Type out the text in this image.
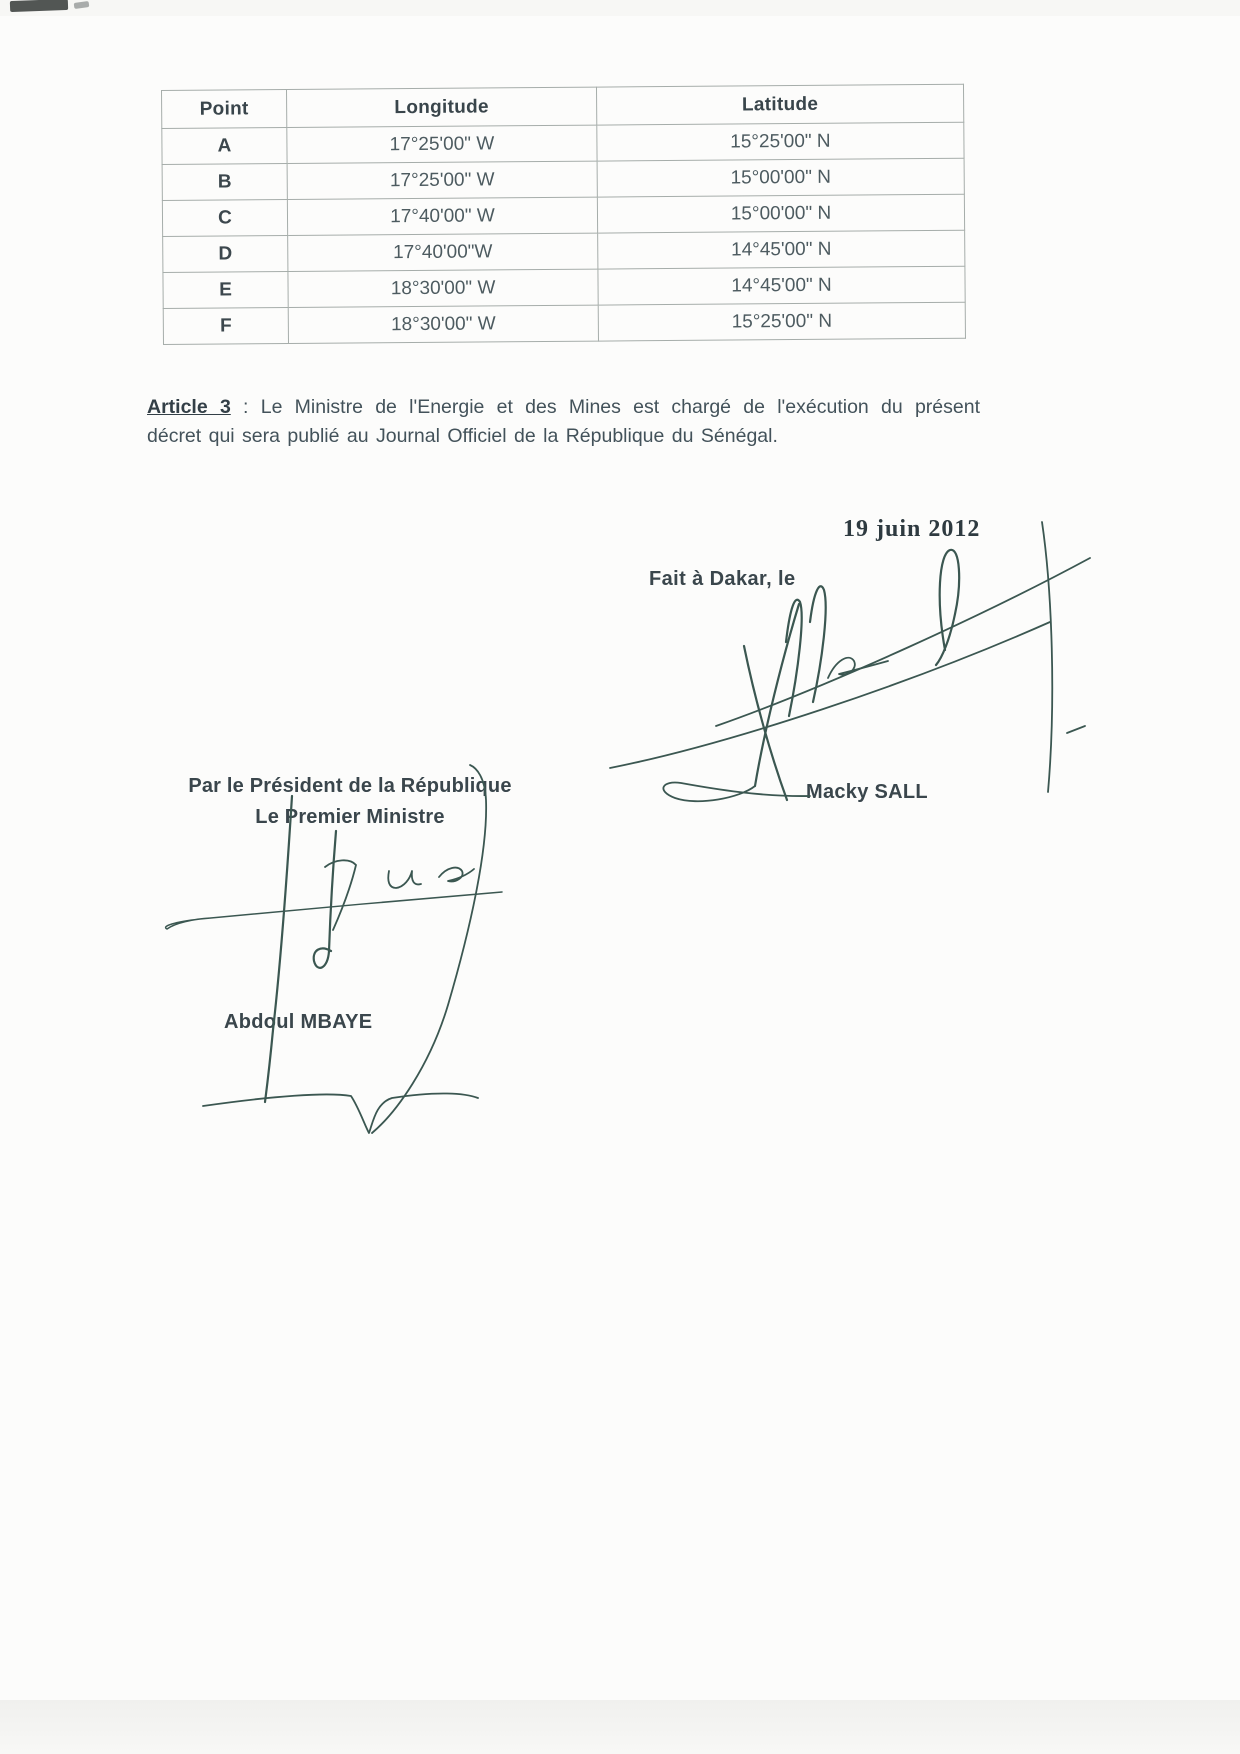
Point	Longitude	Latitude
A	17°25'00" W	15°25'00" N
B	17°25'00" W	15°00'00" N
C	17°40'00" W	15°00'00" N
D	17°40'00"W	14°45'00" N
E	18°30'00" W	14°45'00" N
F	18°30'00" W	15°25'00" N
Article 3 : Le Ministre de l'Energie et des Mines est chargé de l'exécution du présent
décret qui sera publié au Journal Officiel de la République du Sénégal.
19 juin 2012
Fait à Dakar, le
Macky SALL
Par le Président de la République
Le Premier Ministre
Abdoul MBAYE
